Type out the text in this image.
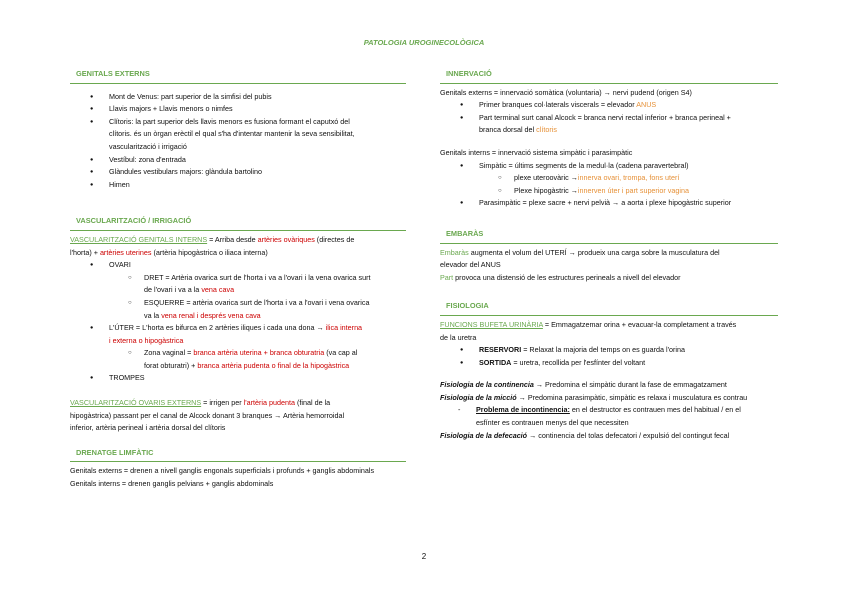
PATOLOGIA UROGINECOLÒGICA
GENITALS EXTERNS
● Mont de Venus: part superior de la simfisi del pubis
● Llavis majors + Llavis menors o nimfes
● Clítoris: la part superior dels llavis menors es fusiona formant el caputxó del
clítoris. és un òrgan erèctil el qual s'ha d'intentar mantenir la seva sensibilitat,
vascularització i irrigació
● Vestíbul: zona d'entrada
● Glàndules vestibulars majors: glàndula bartolino
● Himen
VASCULARITZACIÓ / IRRIGACIÓ
VASCULARITZACIÓ GENITALS INTERNS = Arriba desde artèries ovàriques (directes de
l'horta) + artèries uterines (artèria hipogàstrica o iliaca interna)
● OVARI
○ DRET = Artèria ovarica surt de l'horta i va a l'ovari i la vena ovarica surt
de l'ovari i va a la vena cava
○ ESQUERRE = artèria ovarica surt de l'horta i va a l'ovari i vena ovarica
va la vena renal i després vena cava
● L'ÚTER = L'horta es bifurca en 2 artèries iliques i cada una dona → ilica interna
i externa o hipogàstrica
○ Zona vaginal = branca artèria uterina + branca obturatria (va cap al
forat obturatri) + branca artèria pudenta o final de la hipogàstrica
● TROMPES
VASCULARITZACIÓ OVARIS EXTERNS = irrigen per l'artèria pudenta (final de la
hipogàstrica) passant per el canal de Alcock donant 3 branques → Artèria hemorroidal
inferior, artèria perineal i artèria dorsal del clítoris
DRENATGE LIMFÀTIC
Genitals externs = drenen a nivell ganglis engonals superficials i profunds + ganglis abdominals
Genitals interns = drenen ganglis pelvians + ganglis abdominals
INNERVACIÓ
Genitals externs = innervació somàtica (voluntaria) → nervi pudend (origen S4)
● Primer branques col·laterals viscerals = elevador ANUS
● Part terminal surt canal Alcock = branca nervi rectal inferior + branca perineal +
branca dorsal del clítoris
Genitals interns = innervació sistema simpàtic i parasimpàtic
● Simpàtic = últims segments de la medul·la (cadena paravertebral)
○ plexe uteroovàric →innerva ovari, trompa, fons uterí
○ Plexe hipogàstric →innerven úter i part superior vagina
● Parasimpàtic = plexe sacre + nervi pelvià → a aorta i plexe hipogàstric superior
EMBARÀS
Embaràs augmenta el volum del UTERÍ → produeix una carga sobre la musculatura del
elevador del ANUS
Part provoca una distensió de les estructures perineals a nivell del elevador
FISIOLOGIA
FUNCIONS BUFETA URINÀRIA = Emmagatzemar orina + evacuar-la completament a través
de la uretra
● RESERVORI = Relaxat la majoria del temps on es guarda l'orina
● SORTIDA = uretra, recollida per l'esfínter del voltant
Fisiologia de la continencia → Predomina el simpàtic durant la fase de emmagatzament
Fisiologia de la micció → Predomina parasimpàtic, simpàtic es relaxa i musculatura es contrau
- Problema de incontinencia: en el destructor es contrauen mes del habitual / en el
esfínter es contrauen menys del que necessiten
Fisiologia de la defecació → continencia del tolas defecatori / expulsió del contingut fecal
2
